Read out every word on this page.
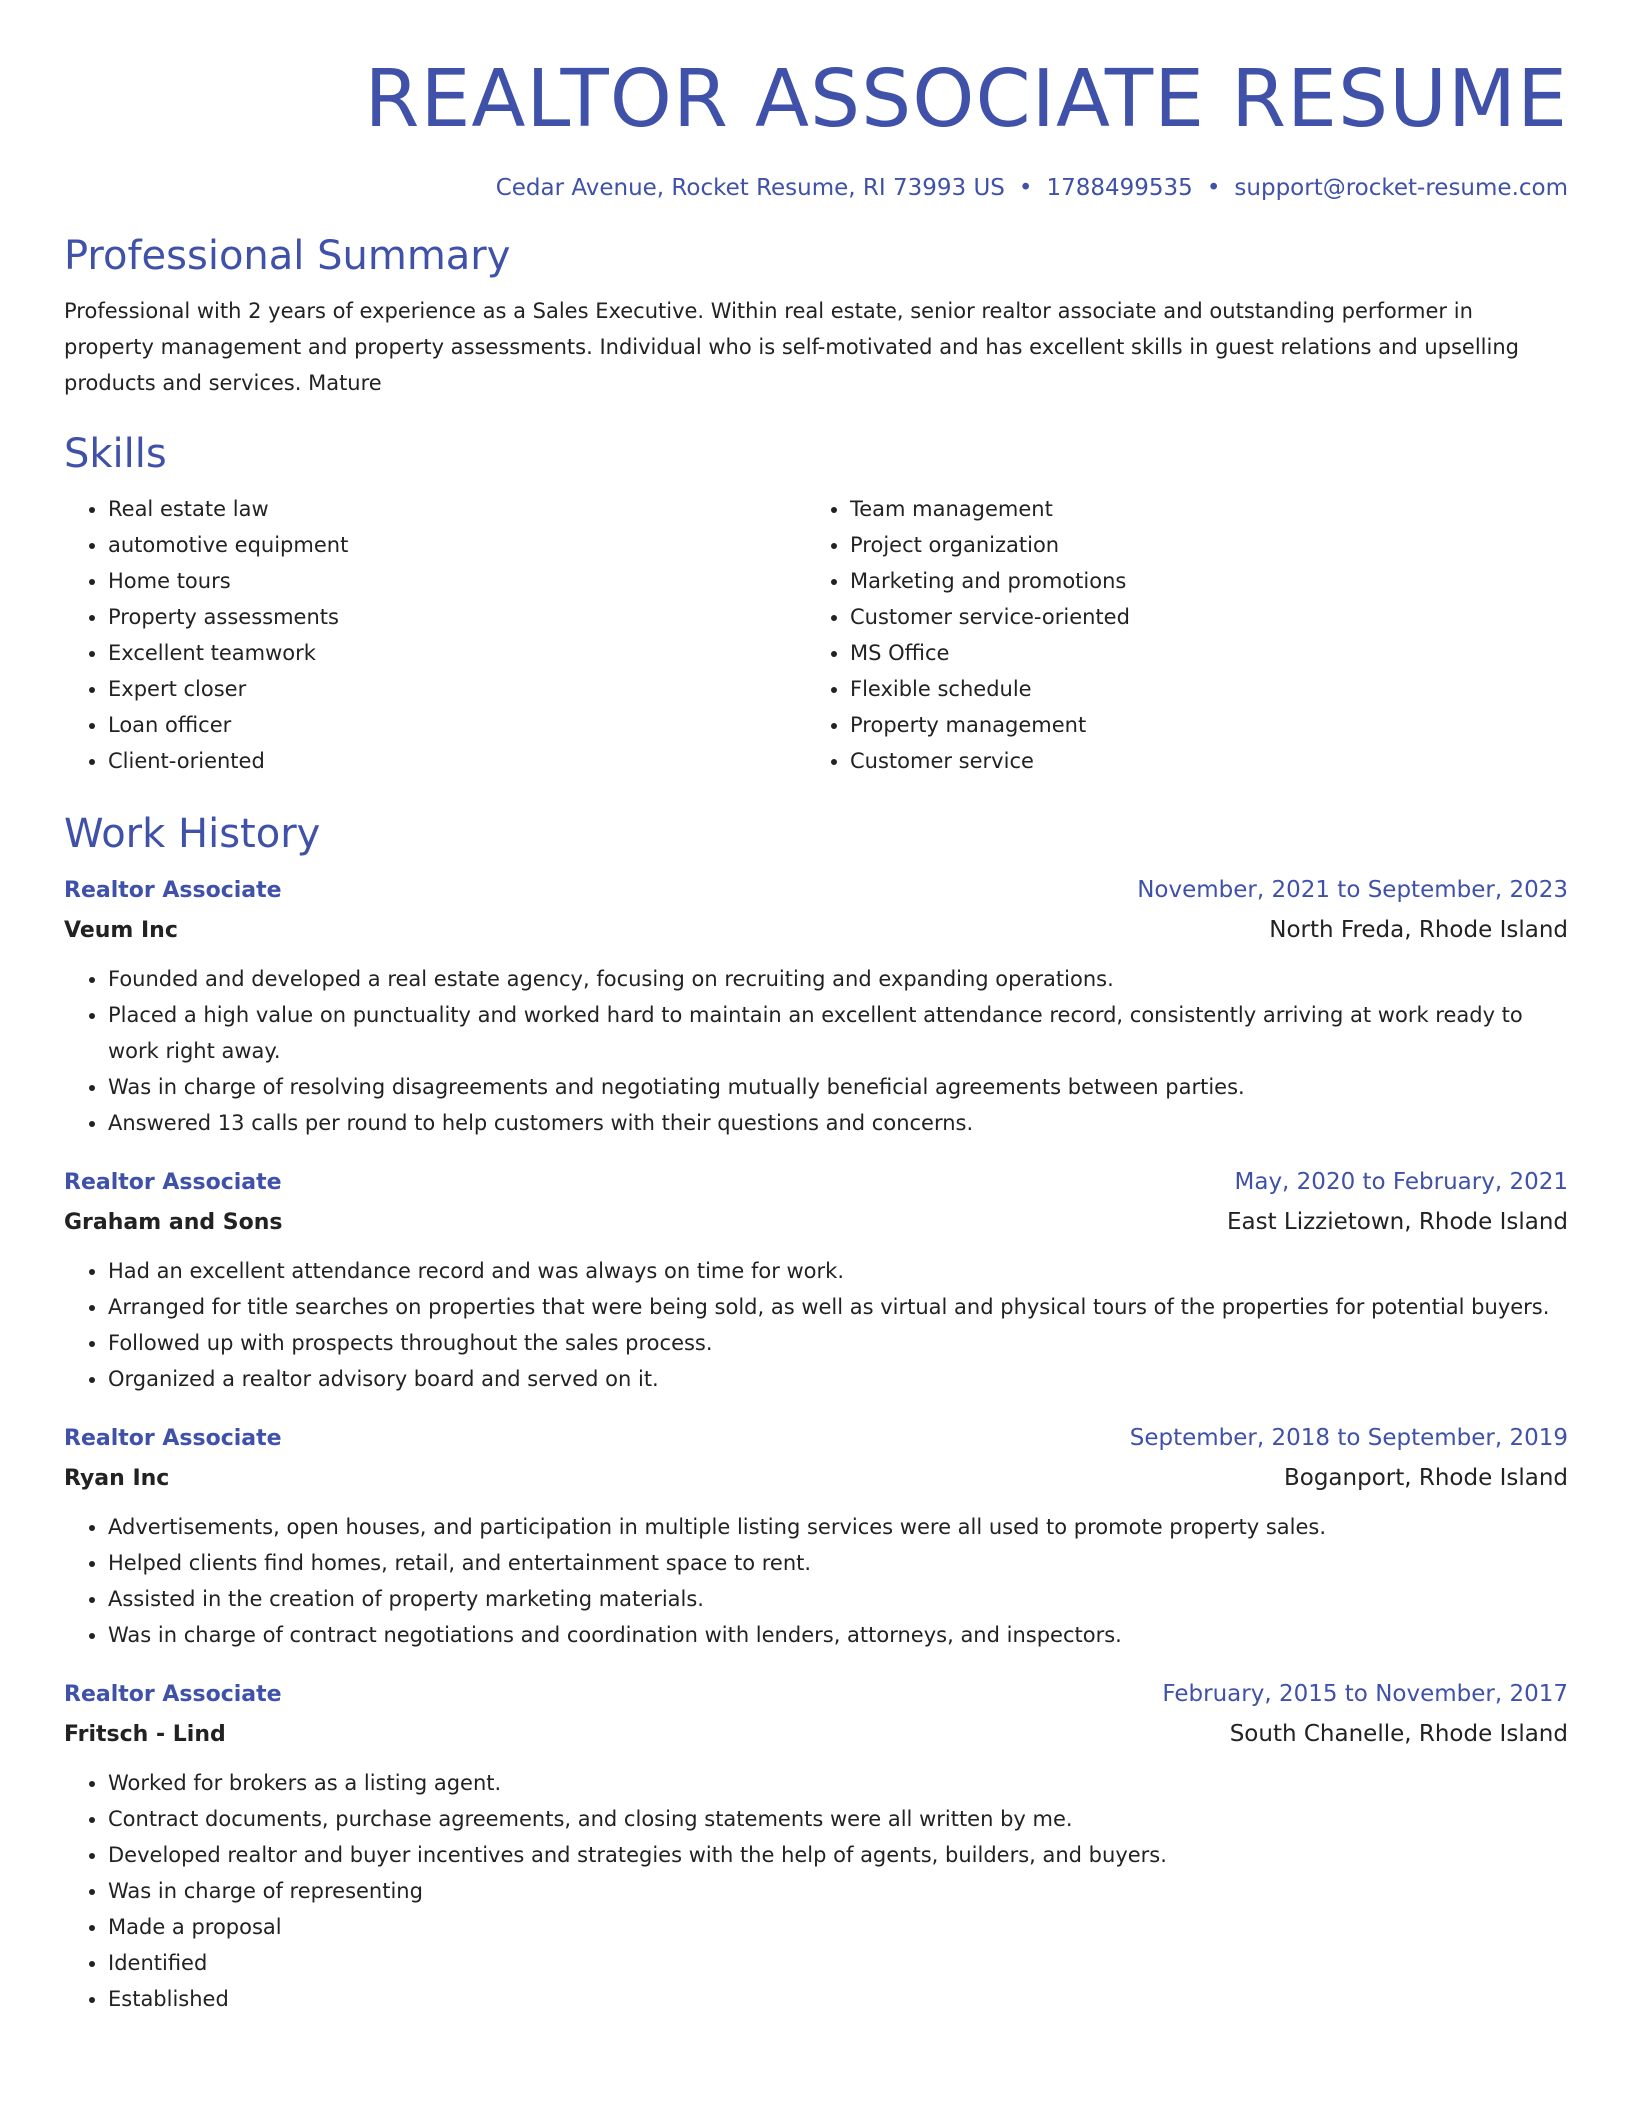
REALTOR ASSOCIATE RESUME
Cedar Avenue, Rocket Resume, RI 73993 US • 1788499535 • support@rocket-resume.com
Professional Summary
Professional with 2 years of experience as a Sales Executive. Within real estate, senior realtor associate and outstanding performer in property management and property assessments. Individual who is self-motivated and has excellent skills in guest relations and upselling products and services. Mature
Skills
• Real estate law
• automotive equipment
• Home tours
• Property assessments
• Excellent teamwork
• Expert closer
• Loan officer
• Client-oriented
• Team management
• Project organization
• Marketing and promotions
• Customer service-oriented
• MS Office
• Flexible schedule
• Property management
• Customer service
Work History
Realtor Associate	November, 2021 to September, 2023
Veum Inc	North Freda, Rhode Island
• Founded and developed a real estate agency, focusing on recruiting and expanding operations.
• Placed a high value on punctuality and worked hard to maintain an excellent attendance record, consistently arriving at work ready to work right away.
• Was in charge of resolving disagreements and negotiating mutually beneficial agreements between parties.
• Answered 13 calls per round to help customers with their questions and concerns.
Realtor Associate	May, 2020 to February, 2021
Graham and Sons	East Lizzietown, Rhode Island
• Had an excellent attendance record and was always on time for work.
• Arranged for title searches on properties that were being sold, as well as virtual and physical tours of the properties for potential buyers.
• Followed up with prospects throughout the sales process.
• Organized a realtor advisory board and served on it.
Realtor Associate	September, 2018 to September, 2019
Ryan Inc	Boganport, Rhode Island
• Advertisements, open houses, and participation in multiple listing services were all used to promote property sales.
• Helped clients find homes, retail, and entertainment space to rent.
• Assisted in the creation of property marketing materials.
• Was in charge of contract negotiations and coordination with lenders, attorneys, and inspectors.
Realtor Associate	February, 2015 to November, 2017
Fritsch - Lind	South Chanelle, Rhode Island
• Worked for brokers as a listing agent.
• Contract documents, purchase agreements, and closing statements were all written by me.
• Developed realtor and buyer incentives and strategies with the help of agents, builders, and buyers.
• Was in charge of representing
• Made a proposal
• Identified
• Established
